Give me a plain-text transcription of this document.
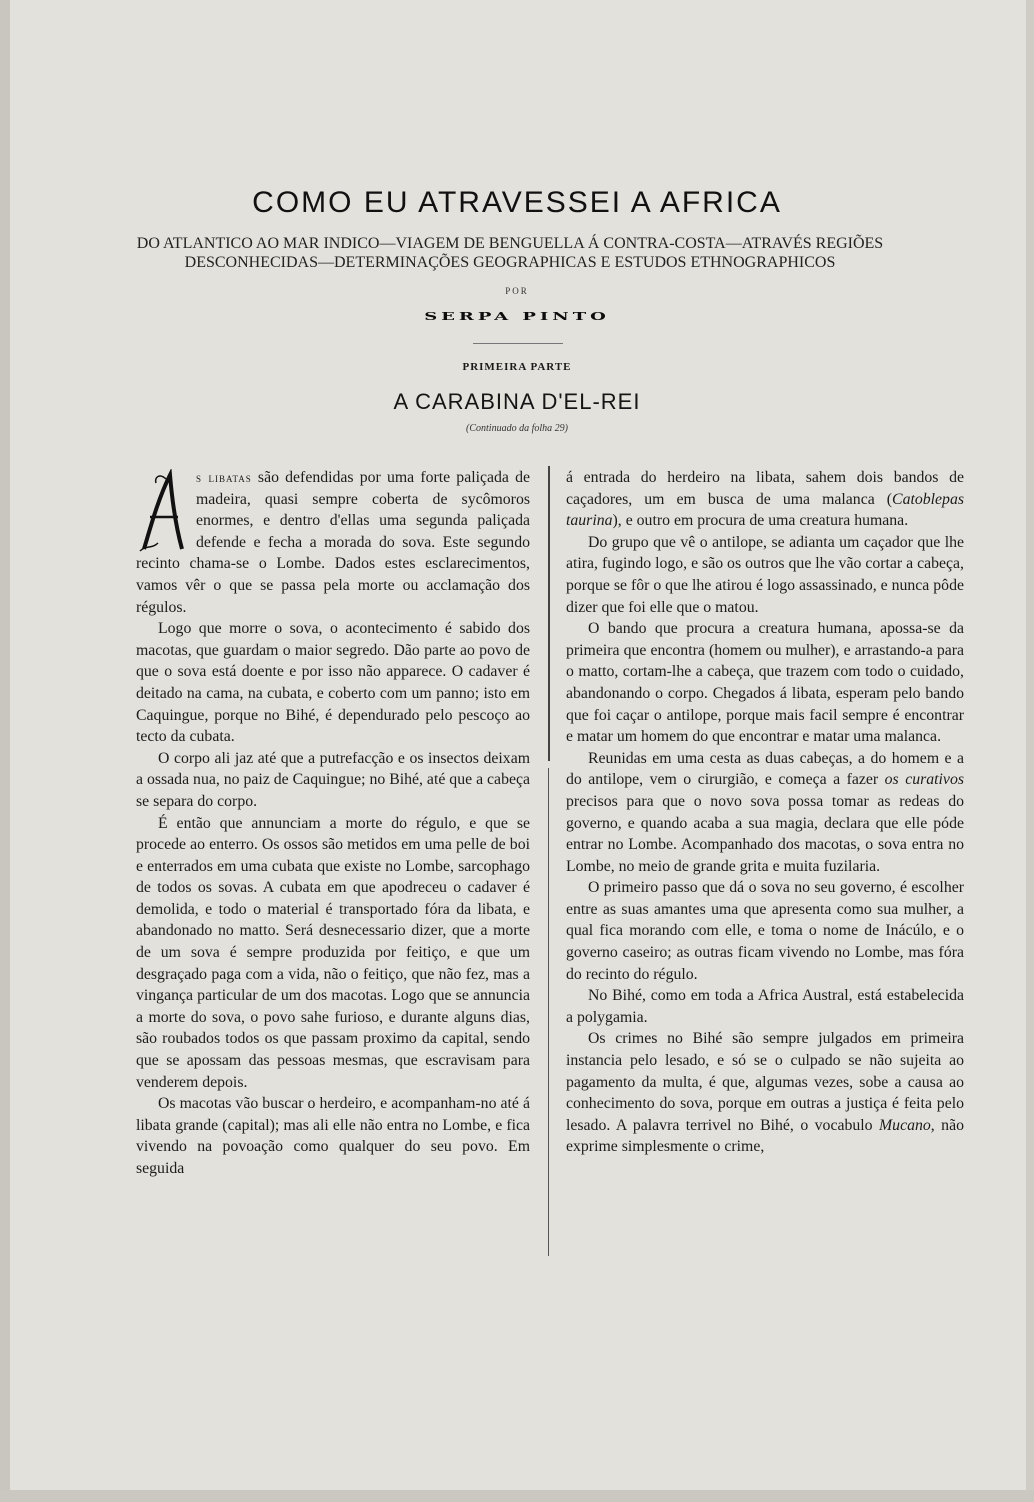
COMO EU ATRAVESSEI A AFRICA
DO ATLANTICO AO MAR INDICO—VIAGEM DE BENGUELLA Á CONTRA-COSTA—ATRAVÉS REGIÕES DESCONHECIDAS—DETERMINAÇÕES GEOGRAPHICAS E ESTUDOS ETHNOGRAPHICOS
POR
SERPA PINTO
PRIMEIRA PARTE
A CARABINA D'EL-REI
(Continuado da folha 29)

s libatas são defendidas por uma forte paliçada de madeira, quasi sempre coberta de sycômoros enormes, e dentro d'ellas uma segunda paliçada defende e fecha a morada do sova. Este segundo recinto chama-se o Lombe. Dados estes esclarecimentos, vamos vêr o que se passa pela morte ou acclamação dos régulos.

Logo que morre o sova, o acontecimento é sabido dos macotas, que guardam o maior segredo. Dão parte ao povo de que o sova está doente e por isso não apparece. O cadaver é deitado na cama, na cubata, e coberto com um panno; isto em Caquingue, porque no Bihé, é dependurado pelo pescoço ao tecto da cubata.

O corpo ali jaz até que a putrefacção e os insectos deixam a ossada nua, no paiz de Caquingue; no Bihé, até que a cabeça se separa do corpo.

É então que annunciam a morte do régulo, e que se procede ao enterro. Os ossos são metidos em uma pelle de boi e enterrados em uma cubata que existe no Lombe, sarcophago de todos os sovas. A cubata em que apodreceu o cadaver é demolida, e todo o material é transportado fóra da libata, e abandonado no matto. Será desnecessario dizer, que a morte de um sova é sempre produzida por feitiço, e que um desgraçado paga com a vida, não o feitiço, que não fez, mas a vingança particular de um dos macotas. Logo que se annuncia a morte do sova, o povo sahe furioso, e durante alguns dias, são roubados todos os que passam proximo da capital, sendo que se apossam das pessoas mesmas, que escravisam para venderem depois.

Os macotas vão buscar o herdeiro, e acompanham-no até á libata grande (capital); mas ali elle não entra no Lombe, e fica vivendo na povoação como qualquer do seu povo. Em seguida

á entrada do herdeiro na libata, sahem dois bandos de caçadores, um em busca de uma malanca (Catoblepas taurina), e outro em procura de uma creatura humana.

Do grupo que vê o antilope, se adianta um caçador que lhe atira, fugindo logo, e são os outros que lhe vão cortar a cabeça, porque se fôr o que lhe atirou é logo assassinado, e nunca pôde dizer que foi elle que o matou.

O bando que procura a creatura humana, apossa-se da primeira que encontra (homem ou mulher), e arrastando-a para o matto, cortam-lhe a cabeça, que trazem com todo o cuidado, abandonando o corpo. Chegados á libata, esperam pelo bando que foi caçar o antilope, porque mais facil sempre é encontrar e matar um homem do que encontrar e matar uma malanca.

Reunidas em uma cesta as duas cabeças, a do homem e a do antilope, vem o cirurgião, e começa a fazer os curativos precisos para que o novo sova possa tomar as redeas do governo, e quando acaba a sua magia, declara que elle póde entrar no Lombe. Acompanhado dos macotas, o sova entra no Lombe, no meio de grande grita e muita fuzilaria.

O primeiro passo que dá o sova no seu governo, é escolher entre as suas amantes uma que apresenta como sua mulher, a qual fica morando com elle, e toma o nome de Inácúlo, e o governo caseiro; as outras ficam vivendo no Lombe, mas fóra do recinto do régulo.

No Bihé, como em toda a Africa Austral, está estabelecida a polygamia.

Os crimes no Bihé são sempre julgados em primeira instancia pelo lesado, e só se o culpado se não sujeita ao pagamento da multa, é que, algumas vezes, sobe a causa ao conhecimento do sova, porque em outras a justiça é feita pelo lesado. A palavra terrivel no Bihé, o vocabulo Mucano, não exprime simplesmente o crime,
